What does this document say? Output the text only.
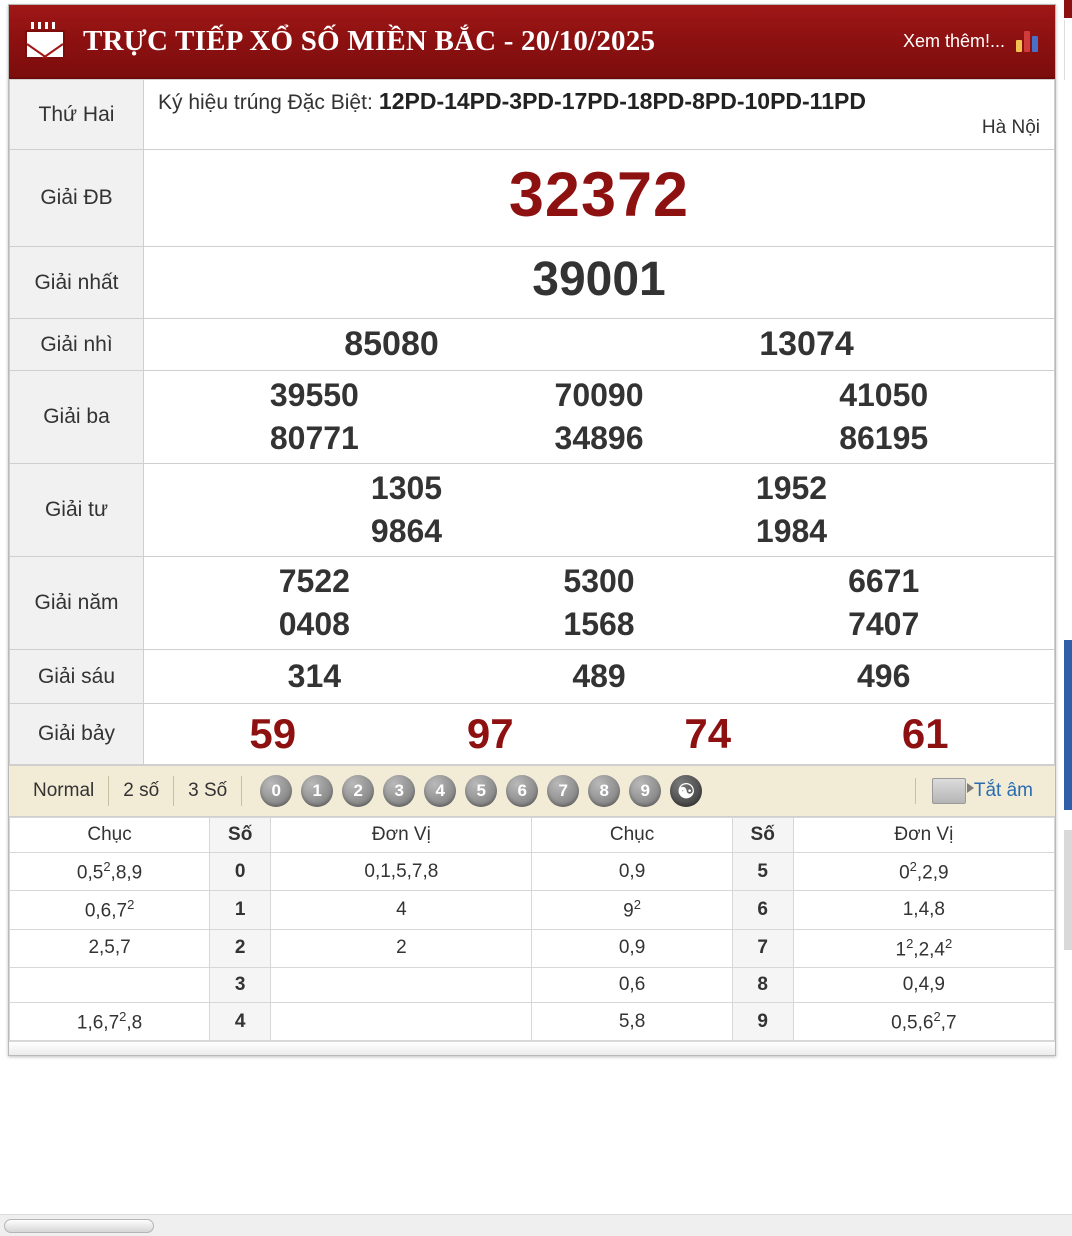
TRỰC TIẾP XỔ SỐ MIỀN BẮC - 20/10/2025	Xem thêm!...
Thứ Hai	Ký hiệu trúng Đặc Biệt: 12PD-14PD-3PD-17PD-18PD-8PD-10PD-11PD
Hà Nội

Giải ĐB	32372

Giải nhất	39001

Giải nhì	85080 13074

Giải ba	
39550	70090	41050
80771	34896	86195

Giải tư	1305 1952
9864 1984

Giải năm	
7522	5300	6671
0408	1568	7407

Giải sáu	314 489 496

Giải bảy	59 97 74 61
Normal	2 số	3 Số	0	1	2	3	4	5	6	7	8	9	☯	Tắt âm
Chục	Số	Đơn Vị	Chục	Số	Đơn Vị
$0,5^2,8,9$	0	0,1,5,7,8	0,9	5	$0^2,2,9$
0,6,7$^2$	1	4	$9^2$	6	1,4,8
2,5,7	2	2	0,9	7	$1^2,2,4^2$
	3		0,6	8	0,4,9
1,6,7$^2$,8	4		5,8	9	0,5,6$^2$,7
